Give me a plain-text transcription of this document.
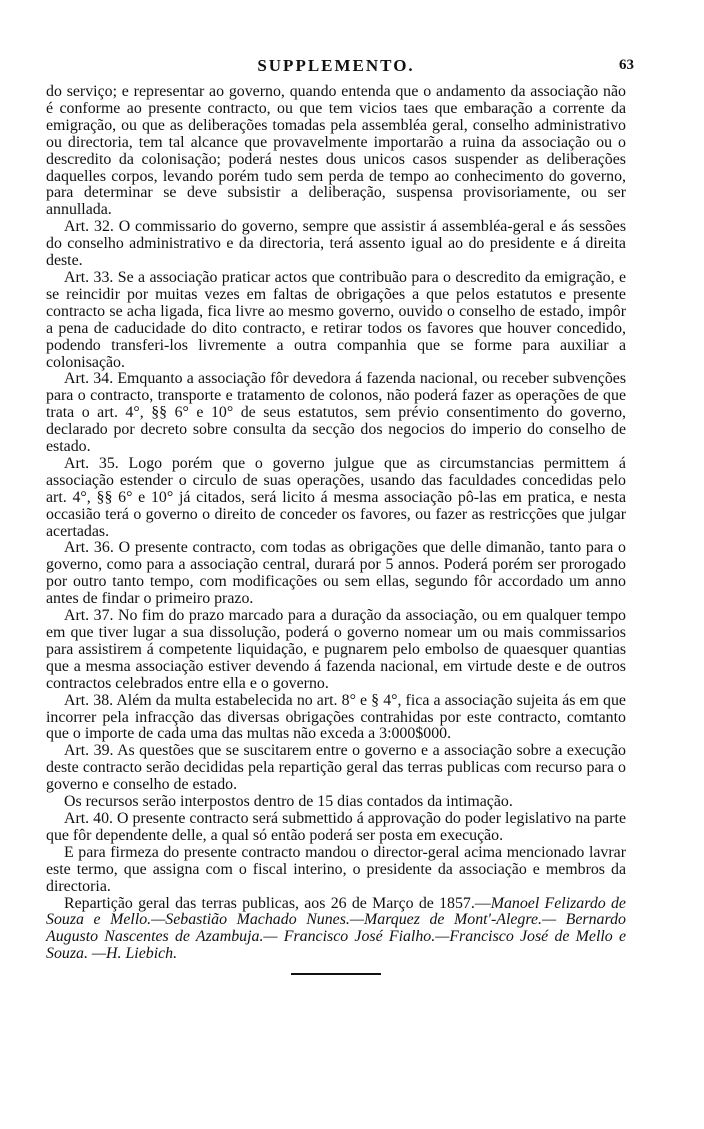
SUPPLEMENTO.	63

do serviço; e representar ao governo, quando entenda que o andamento da associação não é conforme ao presente contracto, ou que tem vicios taes que embaração a corrente da emigração, ou que as deliberações tomadas pela assembléa geral, conselho administrativo ou directoria, tem tal alcance que provavelmente importarão a ruina da associação ou o descredito da colonisação; poderá nestes dous unicos casos suspender as deliberações daquelles corpos, levando porém tudo sem perda de tempo ao conhecimento do governo, para determinar se deve subsistir a deliberação, suspensa provisoriamente, ou ser annullada.

Art. 32. O commissario do governo, sempre que assistir á assembléa-geral e ás sessões do conselho administrativo e da directoria, terá assento igual ao do presidente e á direita deste.

Art. 33. Se a associação praticar actos que contribuão para o descredito da emigração, e se reincidir por muitas vezes em faltas de obrigações a que pelos estatutos e presente contracto se acha ligada, fica livre ao mesmo governo, ouvido o conselho de estado, impôr a pena de caducidade do dito contracto, e retirar todos os favores que houver concedido, podendo transferi-los livremente a outra companhia que se forme para auxiliar a colonisação.

Art. 34. Emquanto a associação fôr devedora á fazenda nacional, ou receber subvenções para o contracto, transporte e tratamento de colonos, não poderá fazer as operações de que trata o art. 4°, §§ 6° e 10° de seus estatutos, sem prévio consentimento do governo, declarado por decreto sobre consulta da secção dos negocios do imperio do conselho de estado.

Art. 35. Logo porém que o governo julgue que as circumstancias permittem á associação estender o circulo de suas operações, usando das faculdades concedidas pelo art. 4°, §§ 6° e 10° já citados, será licito á mesma associação pô-las em pratica, e nesta occasião terá o governo o direito de conceder os favores, ou fazer as restricções que julgar acertadas.

Art. 36. O presente contracto, com todas as obrigações que delle dimanão, tanto para o governo, como para a associação central, durará por 5 annos. Poderá porém ser prorogado por outro tanto tempo, com modificações ou sem ellas, segundo fôr accordado um anno antes de findar o primeiro prazo.

Art. 37. No fim do prazo marcado para a duração da associação, ou em qualquer tempo em que tiver lugar a sua dissolução, poderá o governo nomear um ou mais commissarios para assistirem á competente liquidação, e pugnarem pelo embolso de quaesquer quantias que a mesma associação estiver devendo á fazenda nacional, em virtude deste e de outros contractos celebrados entre ella e o governo.

Art. 38. Além da multa estabelecida no art. 8° e § 4°, fica a associação sujeita ás em que incorrer pela infracção das diversas obrigações contrahidas por este contracto, comtanto que o importe de cada uma das multas não exceda a 3:000$000.

Art. 39. As questões que se suscitarem entre o governo e a associação sobre a execução deste contracto serão decididas pela repartição geral das terras publicas com recurso para o governo e conselho de estado.

Os recursos serão interpostos dentro de 15 dias contados da intimação.

Art. 40. O presente contracto será submettido á approvação do poder legislativo na parte que fôr dependente delle, a qual só então poderá ser posta em execução.

E para firmeza do presente contracto mandou o director-geral acima mencionado lavrar este termo, que assigna com o fiscal interino, o presidente da associação e membros da directoria.

Repartição geral das terras publicas, aos 26 de Março de 1857.—Manoel Felizardo de Souza e Mello.—Sebastião Machado Nunes.—Marquez de Mont'-Alegre.— Bernardo Augusto Nascentes de Azambuja.— Francisco José Fialho.—Francisco José de Mello e Souza. —H. Liebich.
